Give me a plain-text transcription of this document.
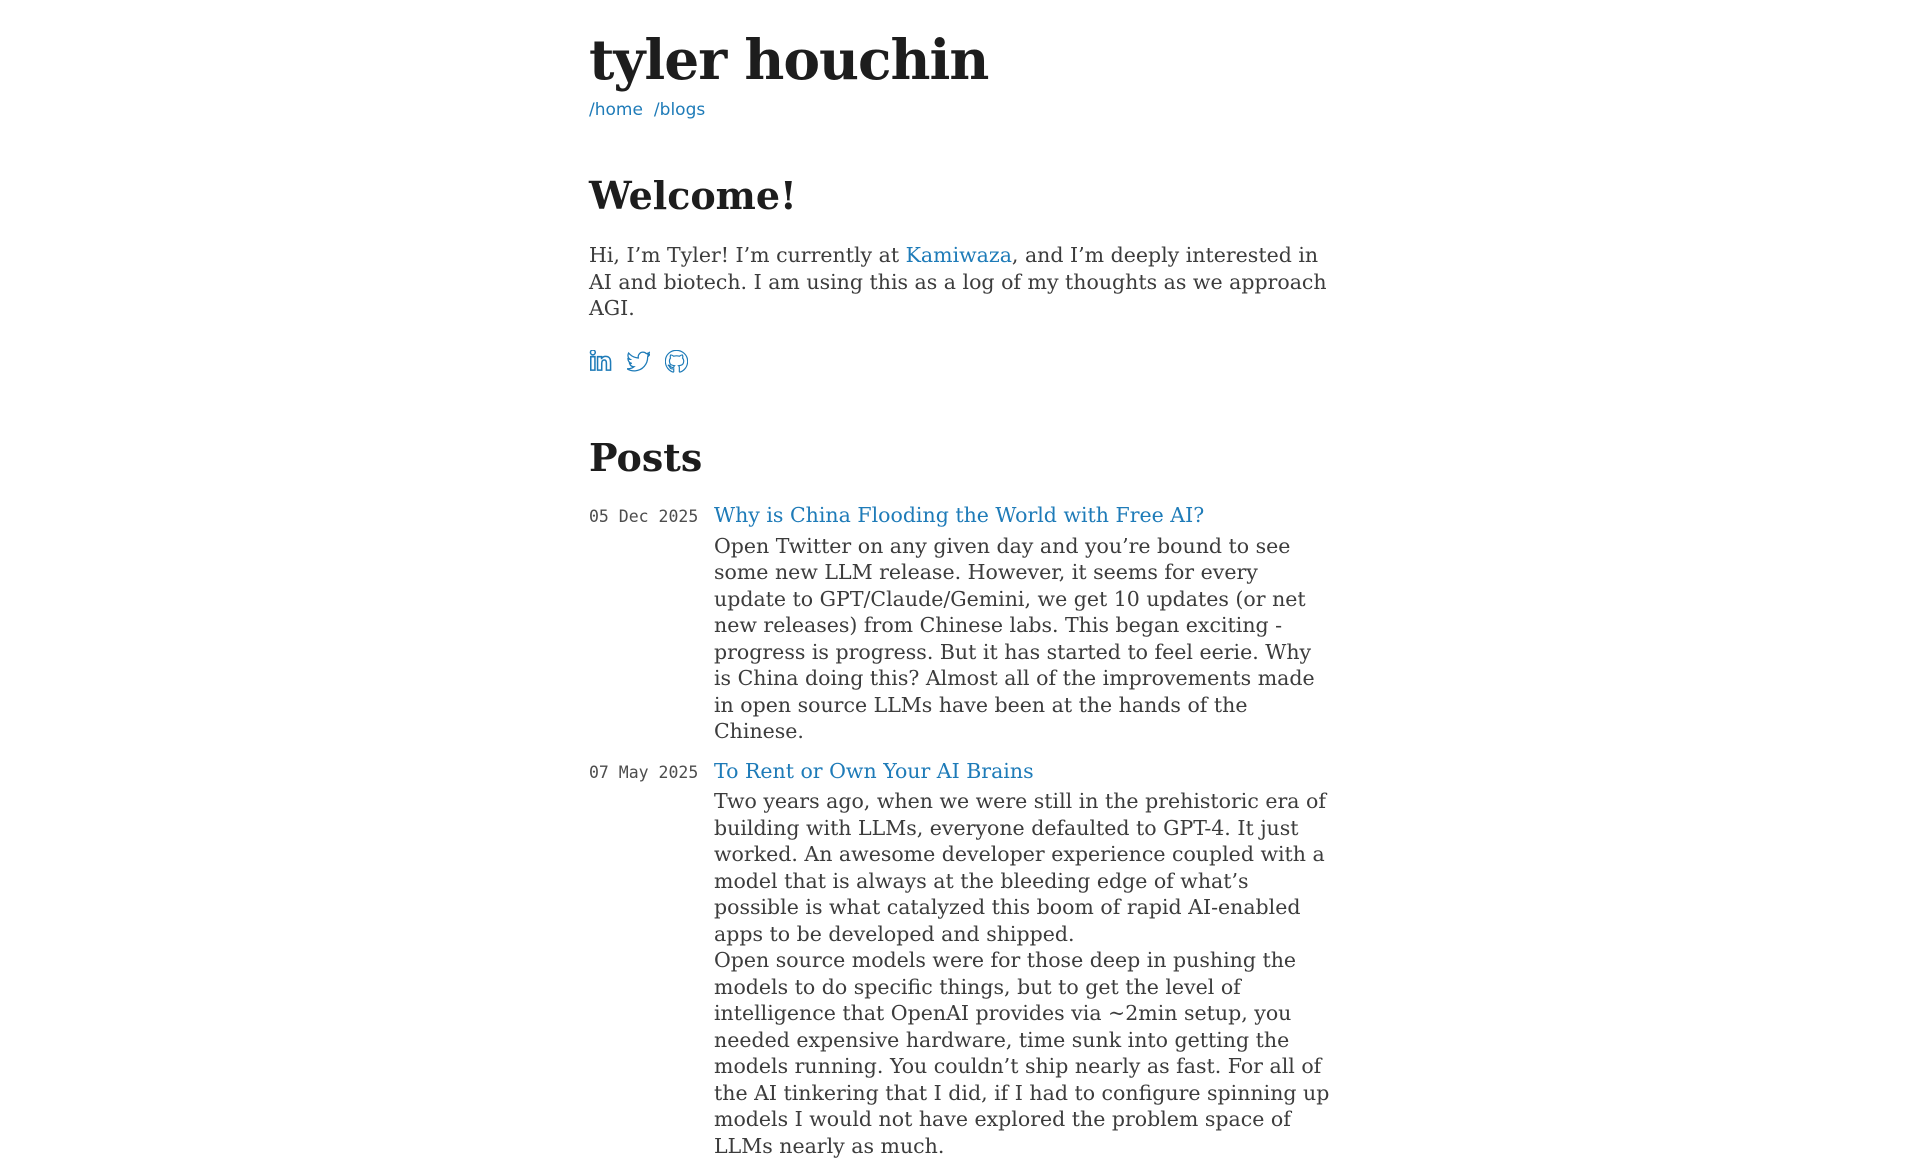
tyler houchin
/home /blogs
Welcome!

Hi, I’m Tyler! I’m currently at Kamiwaza, and I’m deeply interested in AI and biotech. I am using this as a log of my thoughts as we approach AGI.

Posts
05 Dec 2025 Why is China Flooding the World with Free AI?

Open Twitter on any given day and you’re bound to see some new LLM release. However, it seems for every update to GPT/Claude/Gemini, we get 10 updates (or net new releases) from Chinese labs. This began exciting - progress is progress. But it has started to feel eerie. Why is China doing this? Almost all of the improvements made in open source LLMs have been at the hands of the Chinese.

07 May 2025 To Rent or Own Your AI Brains

Two years ago, when we were still in the prehistoric era of building with LLMs, everyone defaulted to GPT-4. It just worked. An awesome developer experience coupled with a model that is always at the bleeding edge of what’s possible is what catalyzed this boom of rapid AI-enabled apps to be developed and shipped.

Open source models were for those deep in pushing the models to do specific things, but to get the level of intelligence that OpenAI provides via ~2min setup, you needed expensive hardware, time sunk into getting the models running. You couldn’t ship nearly as fast. For all of the AI tinkering that I did, if I had to configure spinning up models I would not have explored the problem space of LLMs nearly as much.
